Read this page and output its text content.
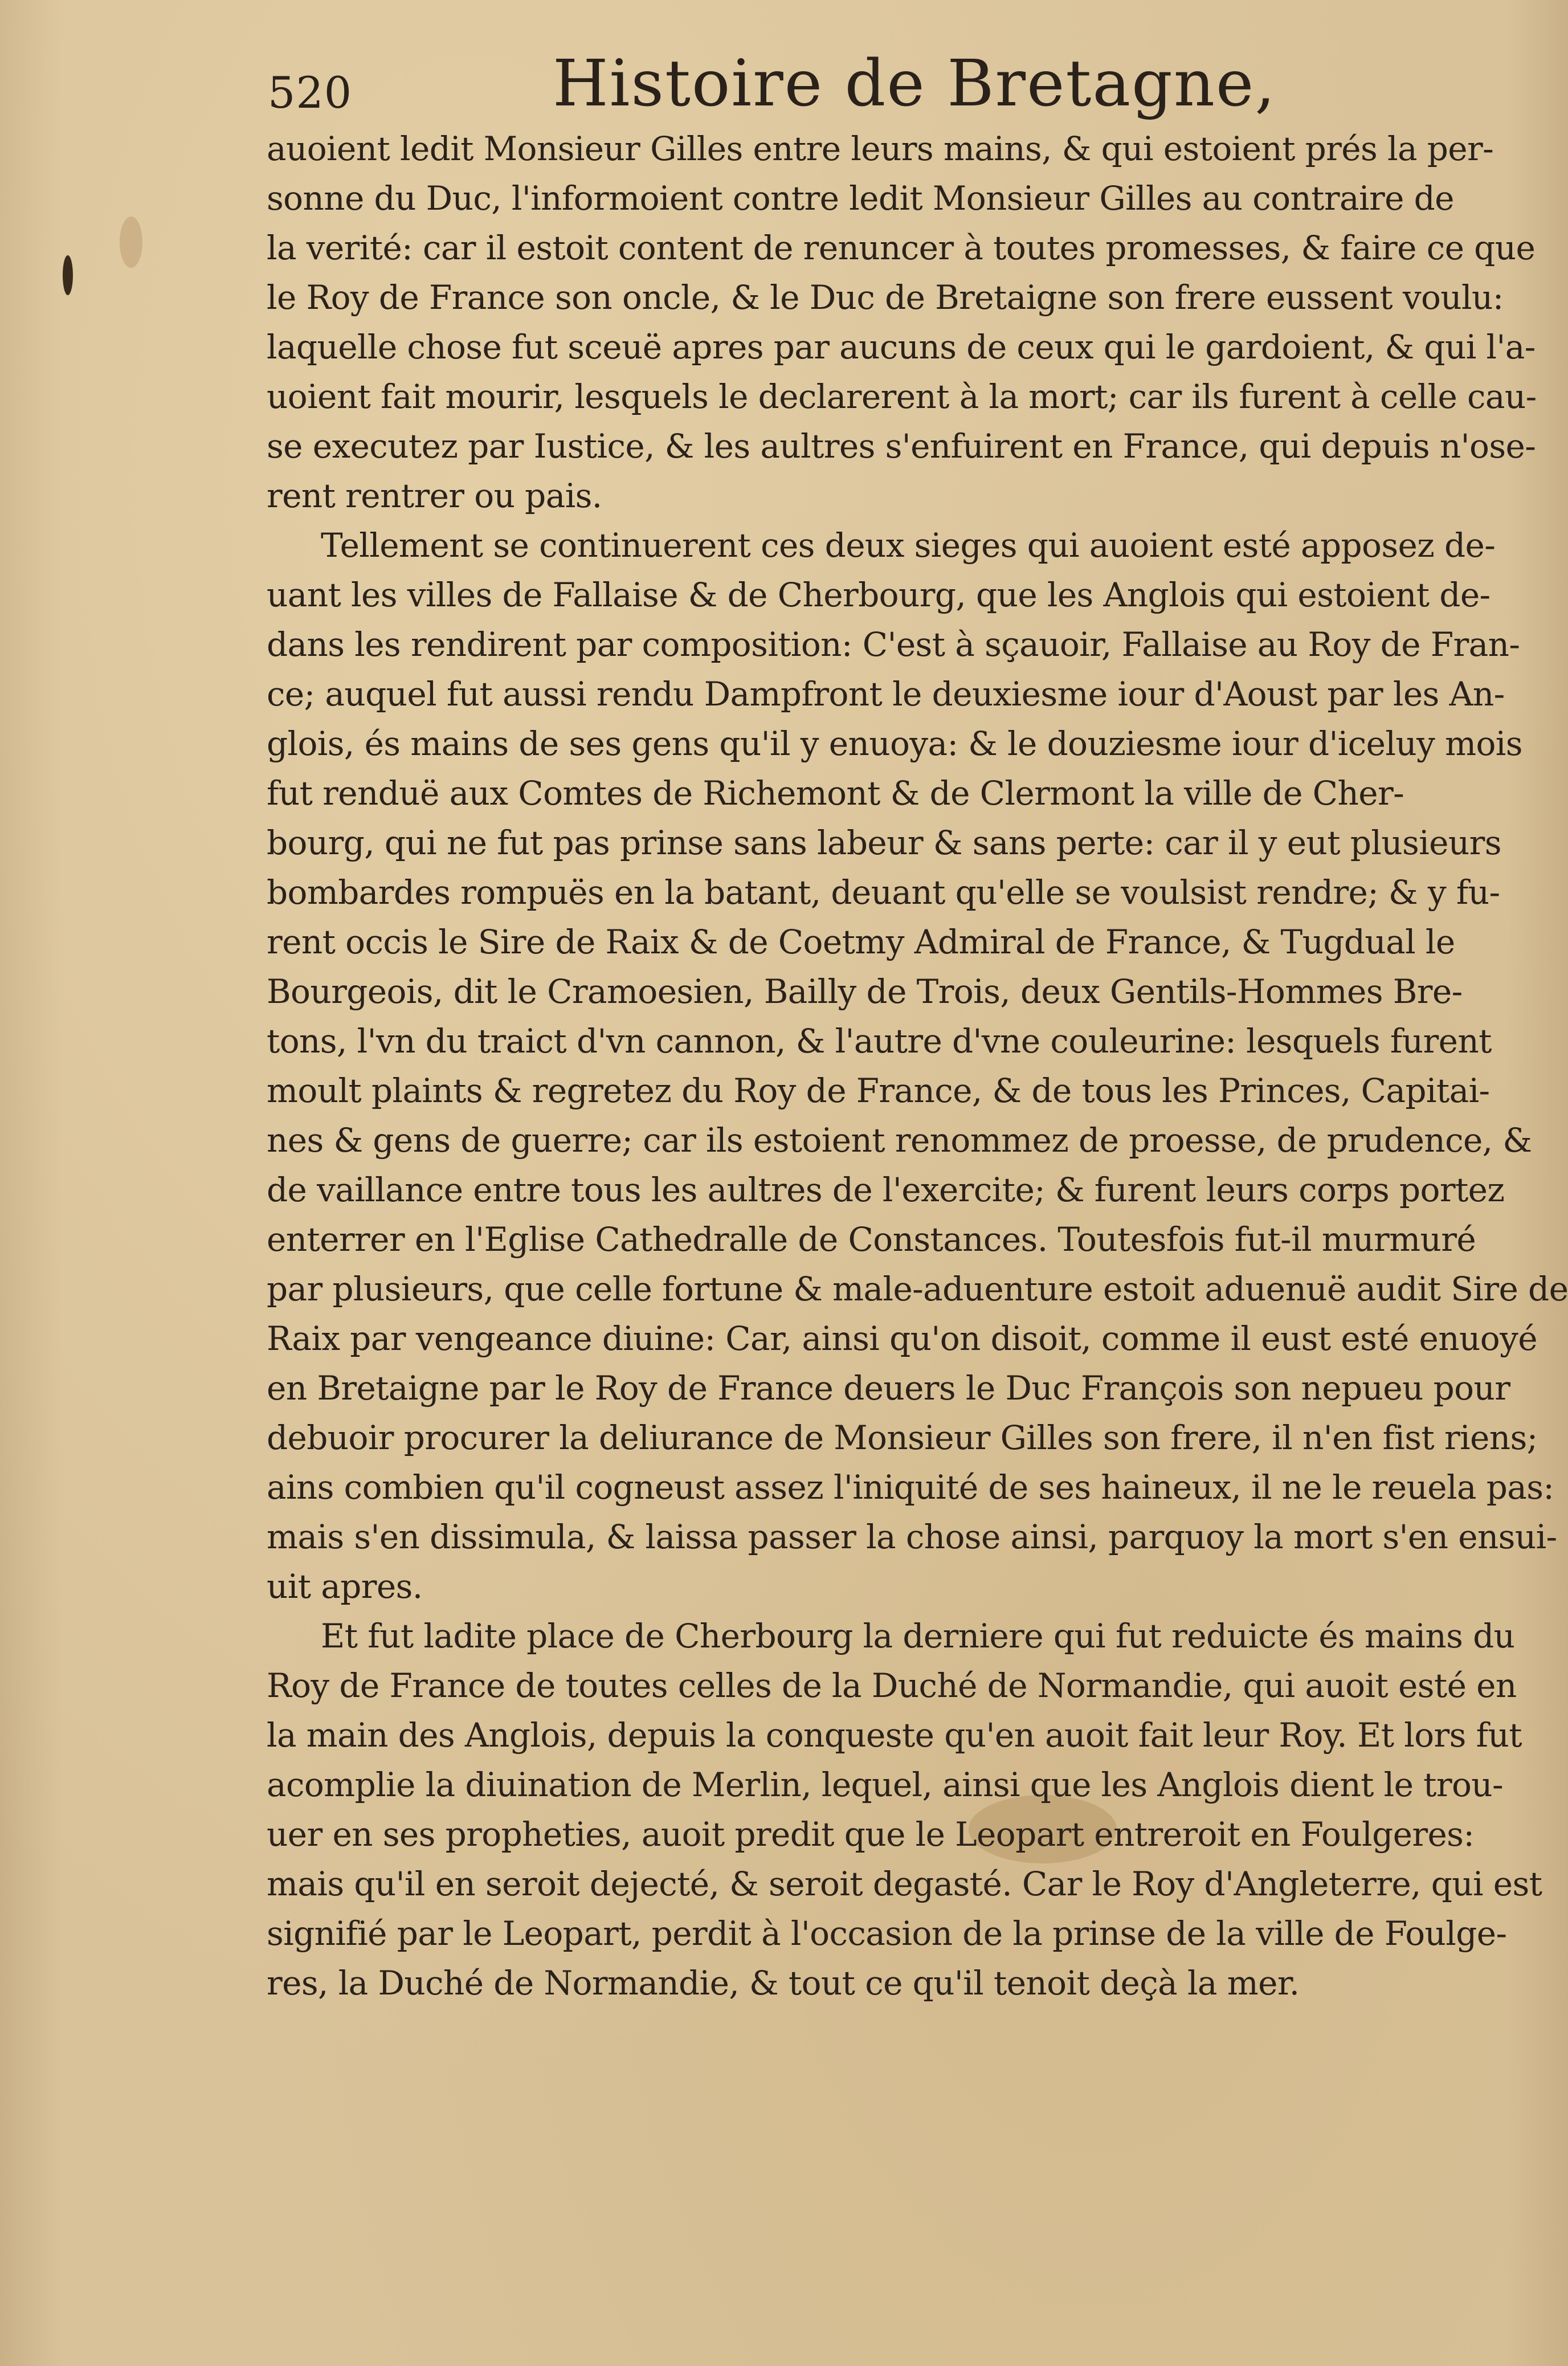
520	Histoire de Bretagne,
auoient ledit Monsieur Gilles entre leurs mains, & qui estoient prés la per-
sonne du Duc, l'informoient contre ledit Monsieur Gilles au contraire de
la verité: car il estoit content de renuncer à toutes promesses, & faire ce que
le Roy de France son oncle, & le Duc de Bretaigne son frere eussent voulu:
laquelle chose fut sceuë apres par aucuns de ceux qui le gardoient, & qui l'a-
uoient fait mourir, lesquels le declarerent à la mort; car ils furent à celle cau-
se executez par Iustice, & les aultres s'enfuirent en France, qui depuis n'ose-
rent rentrer ou pais.
Tellement se continuerent ces deux sieges qui auoient esté apposez de-
uant les villes de Fallaise & de Cherbourg, que les Anglois qui estoient de-
dans les rendirent par composition: C'est à sçauoir, Fallaise au Roy de Fran-
ce; auquel fut aussi rendu Dampfront le deuxiesme iour d'Aoust par les An-
glois, és mains de ses gens qu'il y enuoya: & le douziesme iour d'iceluy mois
fut renduë aux Comtes de Richemont & de Clermont la ville de Cher-
bourg, qui ne fut pas prinse sans labeur & sans perte: car il y eut plusieurs
bombardes rompuës en la batant, deuant qu'elle se voulsist rendre; & y fu-
rent occis le Sire de Raix & de Coetmy Admiral de France, & Tugdual le
Bourgeois, dit le Cramoesien, Bailly de Trois, deux Gentils-Hommes Bre-
tons, l'vn du traict d'vn cannon, & l'autre d'vne couleurine: lesquels furent
moult plaints & regretez du Roy de France, & de tous les Princes, Capitai-
nes & gens de guerre; car ils estoient renommez de proesse, de prudence, &
de vaillance entre tous les aultres de l'exercite; & furent leurs corps portez
enterrer en l'Eglise Cathedralle de Constances. Toutesfois fut-il murmuré
par plusieurs, que celle fortune & male-aduenture estoit aduenuë audit Sire de
Raix par vengeance diuine: Car, ainsi qu'on disoit, comme il eust esté enuoyé
en Bretaigne par le Roy de France deuers le Duc François son nepueu pour
debuoir procurer la deliurance de Monsieur Gilles son frere, il n'en fist riens;
ains combien qu'il cogneust assez l'iniquité de ses haineux, il ne le reuela pas:
mais s'en dissimula, & laissa passer la chose ainsi, parquoy la mort s'en ensui-
uit apres.
Et fut ladite place de Cherbourg la derniere qui fut reduicte és mains du
Roy de France de toutes celles de la Duché de Normandie, qui auoit esté en
la main des Anglois, depuis la conqueste qu'en auoit fait leur Roy. Et lors fut
acomplie la diuination de Merlin, lequel, ainsi que les Anglois dient le trou-
uer en ses propheties, auoit predit que le Leopart entreroit en Foulgeres:
mais qu'il en seroit dejecté, & seroit degasté. Car le Roy d'Angleterre, qui est
signifié par le Leopart, perdit à l'occasion de la prinse de la ville de Foulge-
res, la Duché de Normandie, & tout ce qu'il tenoit deçà la mer.
